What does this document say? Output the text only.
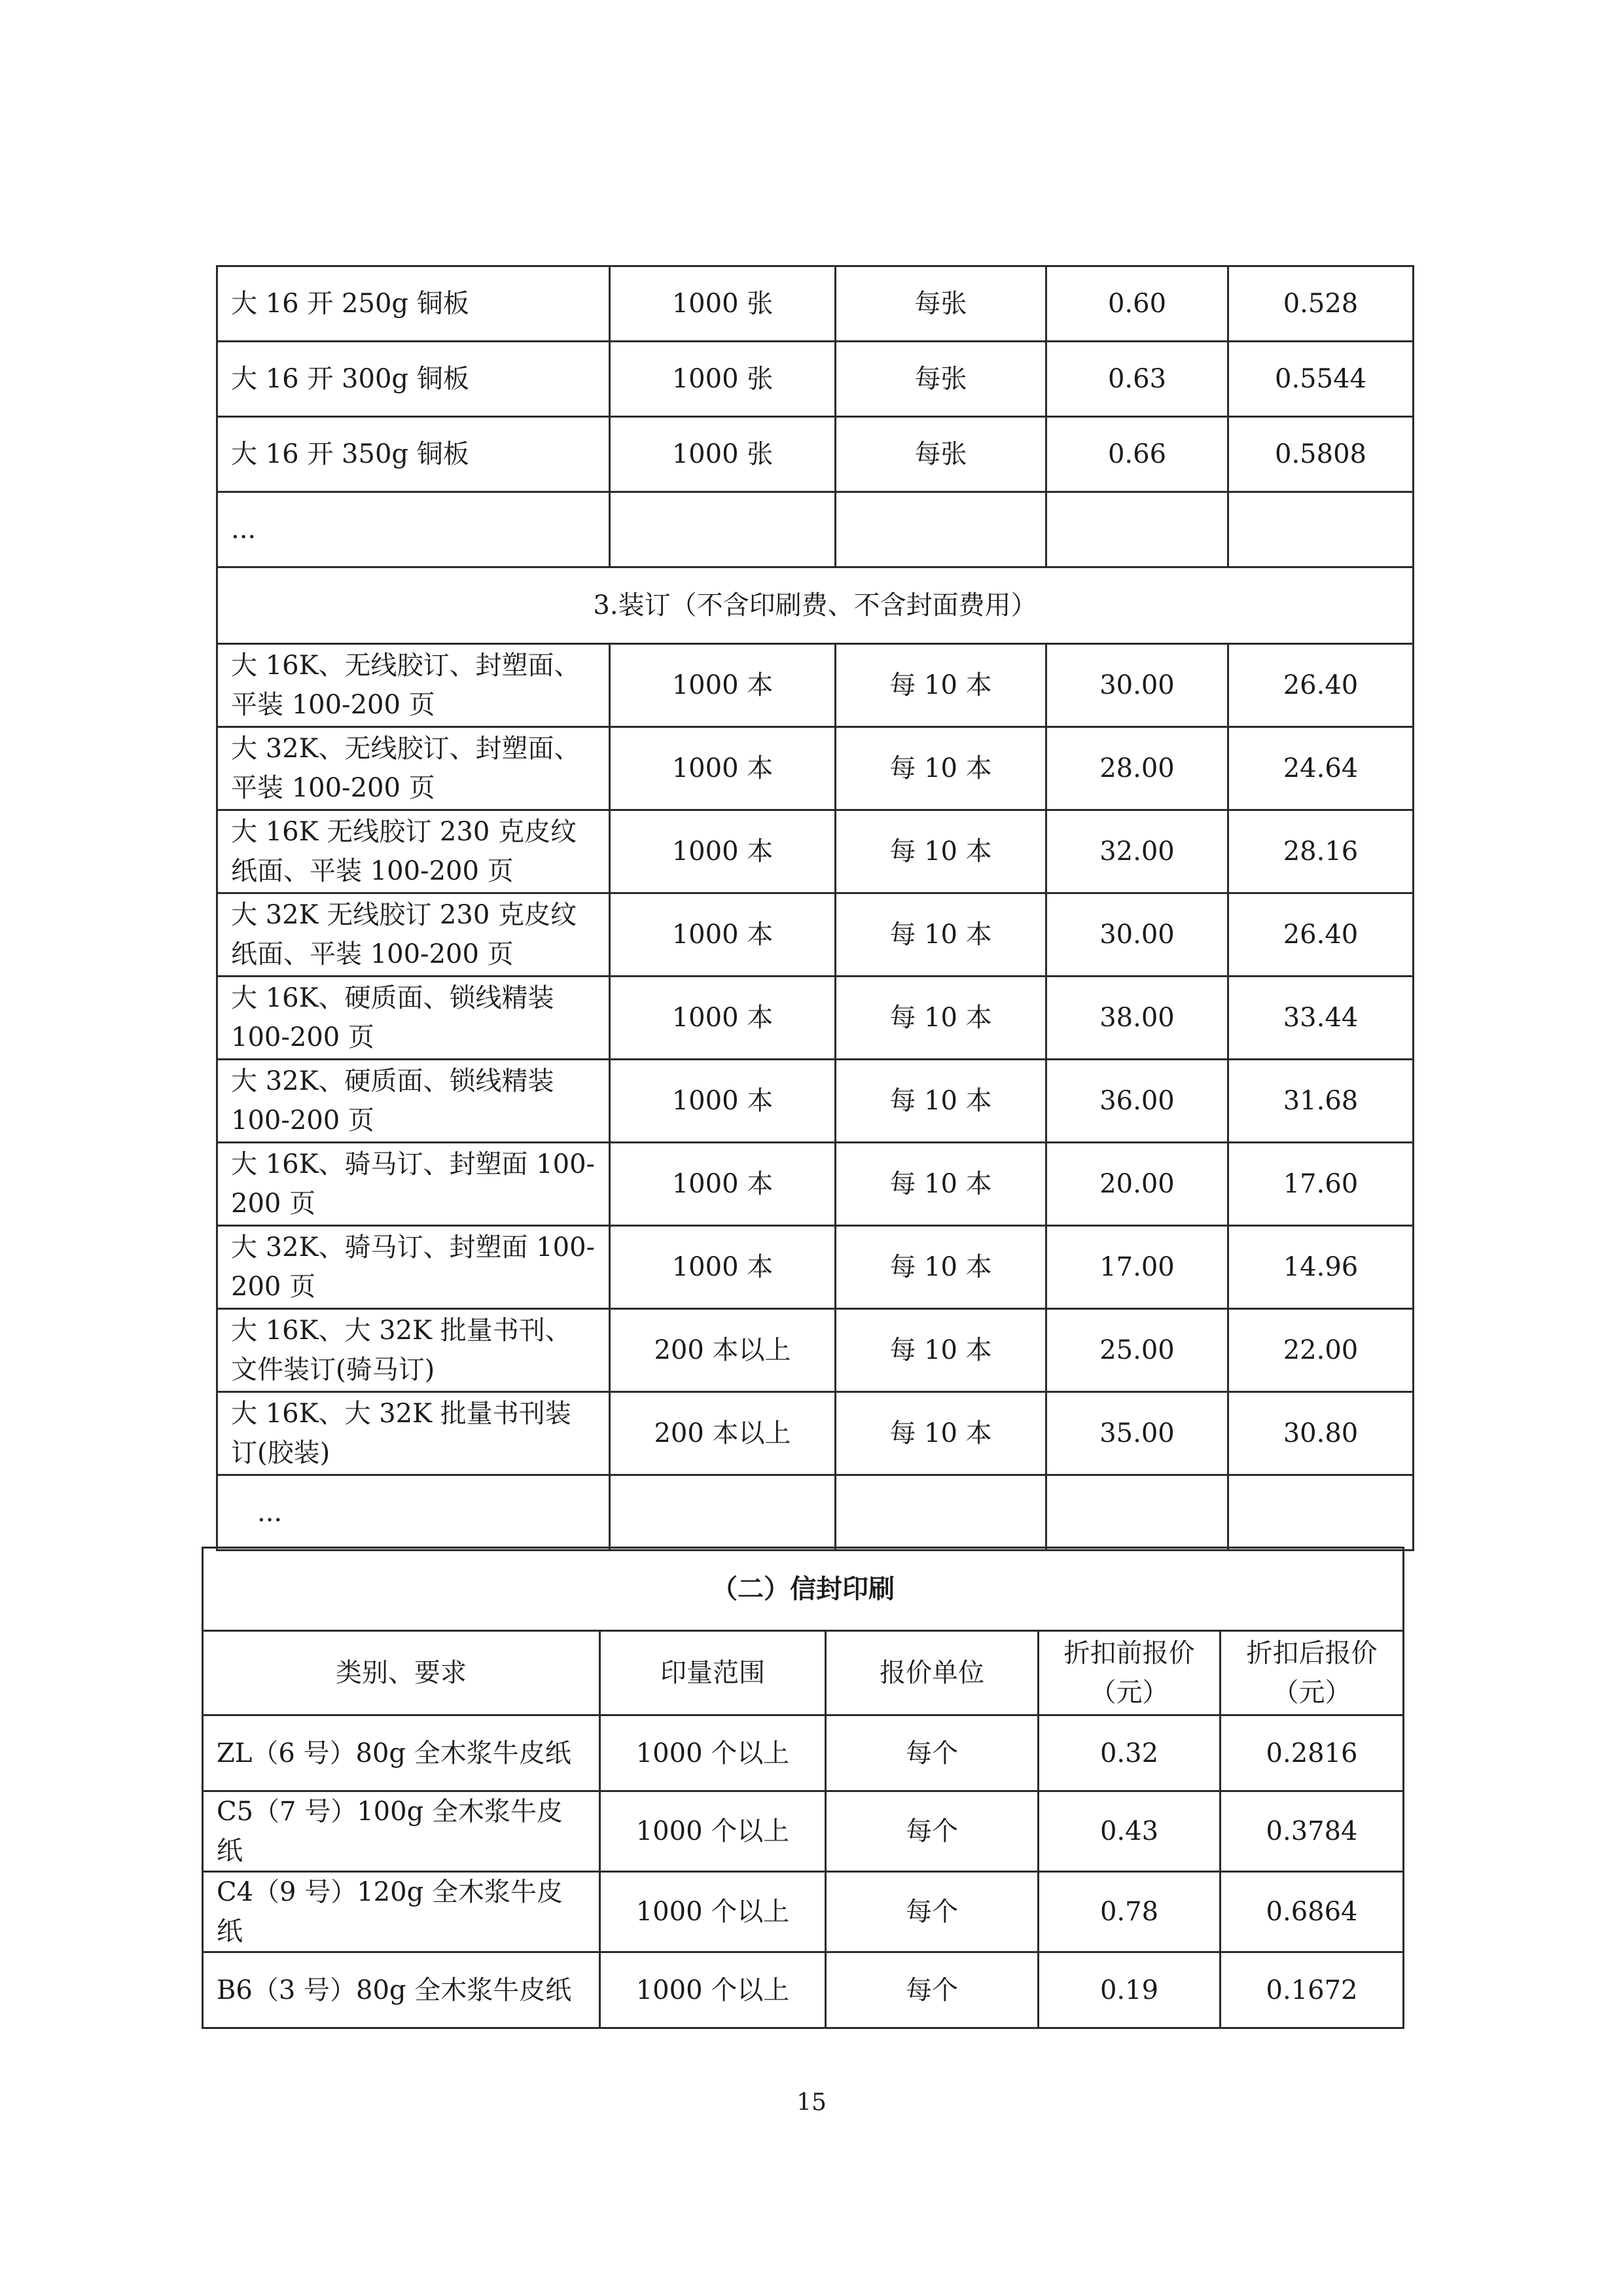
大 16 开 250g 铜板	1000 张	每张	0.60	0.528
大 16 开 300g 铜板	1000 张	每张	0.63	0.5544
大 16 开 350g 铜板	1000 张	每张	0.66	0.5808
...				
3.装订（不含印刷费、不含封面费用）				
大 16K、无线胶订、封塑面、平装 100-200 页	1000 本	每 10 本	30.00	26.40
大 32K、无线胶订、封塑面、平装 100-200 页	1000 本	每 10 本	28.00	24.64
大 16K 无线胶订 230 克皮纹纸面、平装 100-200 页	1000 本	每 10 本	32.00	28.16
大 32K 无线胶订 230 克皮纹纸面、平装 100-200 页	1000 本	每 10 本	30.00	26.40
大 16K、硬质面、锁线精装 100-200 页	1000 本	每 10 本	38.00	33.44
大 32K、硬质面、锁线精装 100-200 页	1000 本	每 10 本	36.00	31.68
大 16K、骑马订、封塑面 100-200 页	1000 本	每 10 本	20.00	17.60
大 32K、骑马订、封塑面 100-200 页	1000 本	每 10 本	17.00	14.96
大 16K、大 32K 批量书刊、文件装订(骑马订)	200 本以上	每 10 本	25.00	22.00
大 16K、大 32K 批量书刊装订(胶装)	200 本以上	每 10 本	35.00	30.80
...				
（二）信封印刷				
类别、要求	印量范围	报价单位	折扣前报价（元）	折扣后报价（元）
ZL（6 号）80g 全木浆牛皮纸	1000 个以上	每个	0.32	0.2816
C5（7 号）100g 全木浆牛皮纸	1000 个以上	每个	0.43	0.3784
C4（9 号）120g 全木浆牛皮纸	1000 个以上	每个	0.78	0.6864
B6（3 号）80g 全木浆牛皮纸	1000 个以上	每个	0.19	0.1672
15
